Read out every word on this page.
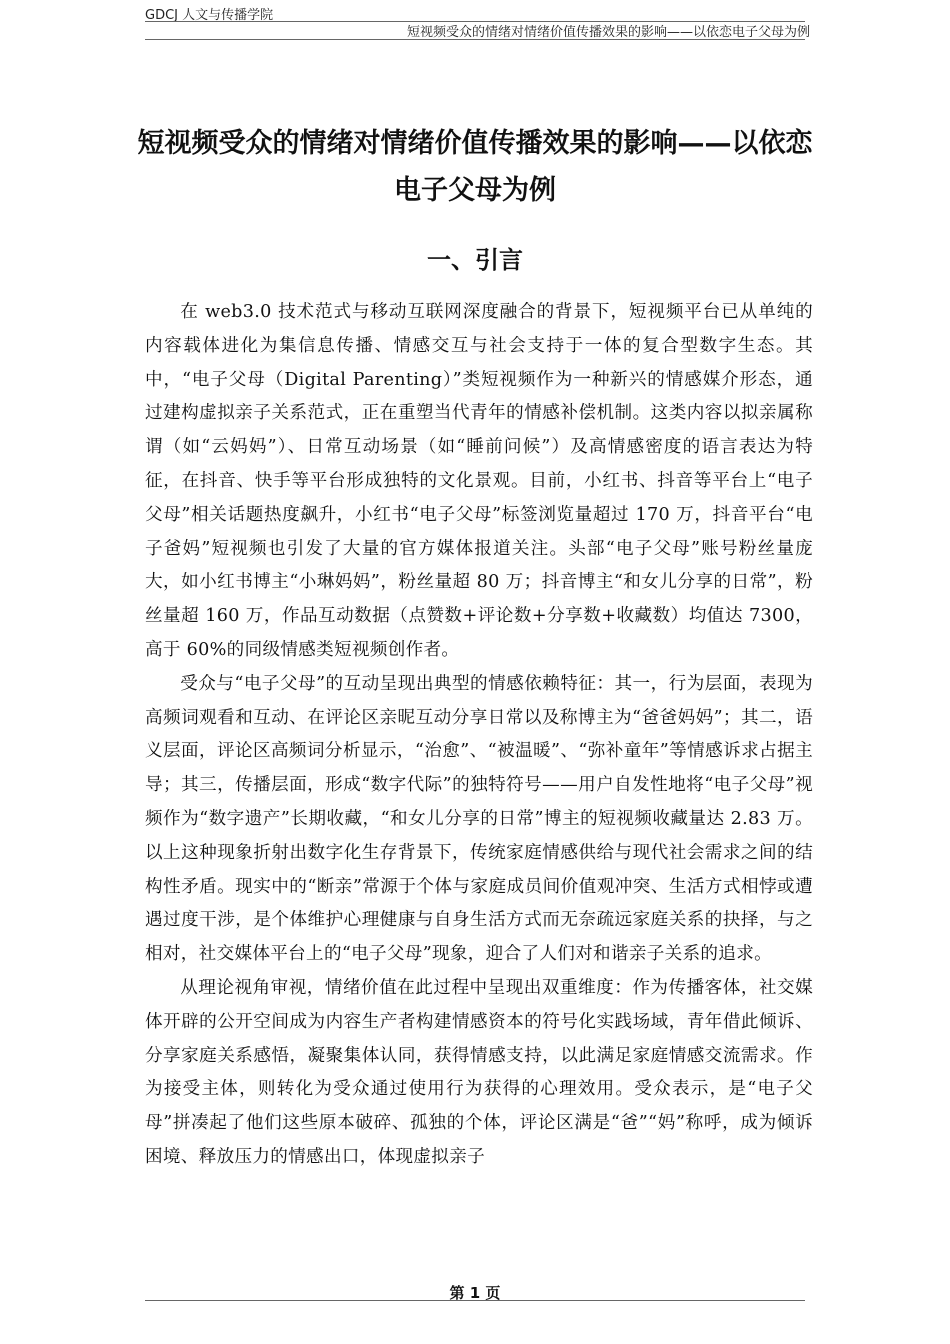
GDCJ 人文与传播学院
短视频受众的情绪对情绪价值传播效果的影响——以依恋电子父母为例
短视频受众的情绪对情绪价值传播效果的影响——以依恋电子父母为例
一、引言

在 web3.0 技术范式与移动互联网深度融合的背景下，短视频平台已从单纯的内容载体进化为集信息传播、情感交互与社会支持于一体的复合型数字生态。其中，“电子父母（Digital Parenting）”类短视频作为一种新兴的情感媒介形态，通过建构虚拟亲子关系范式，正在重塑当代青年的情感补偿机制。这类内容以拟亲属称谓（如“云妈妈”）、日常互动场景（如“睡前问候”）及高情感密度的语言表达为特征，在抖音、快手等平台形成独特的文化景观。目前，小红书、抖音等平台上“电子父母”相关话题热度飙升，小红书“电子父母”标签浏览量超过 170 万，抖音平台“电子爸妈”短视频也引发了大量的官方媒体报道关注。头部“电子父母”账号粉丝量庞大，如小红书博主“小琳妈妈”，粉丝量超 80 万；抖音博主“和女儿分享的日常”，粉丝量超 160 万，作品互动数据（点赞数+评论数+分享数+收藏数）均值达 7300，高于 60%的同级情感类短视频创作者。

受众与“电子父母”的互动呈现出典型的情感依赖特征：其一，行为层面，表现为高频词观看和互动、在评论区亲昵互动分享日常以及称博主为“爸爸妈妈”；其二，语义层面，评论区高频词分析显示，“治愈”、“被温暖”、“弥补童年”等情感诉求占据主导；其三，传播层面，形成“数字代际”的独特符号——用户自发性地将“电子父母”视频作为“数字遗产”长期收藏，“和女儿分享的日常”博主的短视频收藏量达 2.83 万。以上这种现象折射出数字化生存背景下，传统家庭情感供给与现代社会需求之间的结构性矛盾。现实中的“断亲”常源于个体与家庭成员间价值观冲突、生活方式相悖或遭遇过度干涉，是个体维护心理健康与自身生活方式而无奈疏远家庭关系的抉择，与之相对，社交媒体平台上的“电子父母”现象，迎合了人们对和谐亲子关系的追求。

从理论视角审视，情绪价值在此过程中呈现出双重维度：作为传播客体，社交媒体开辟的公开空间成为内容生产者构建情感资本的符号化实践场域，青年借此倾诉、分享家庭关系感悟，凝聚集体认同，获得情感支持，以此满足家庭情感交流需求。作为接受主体，则转化为受众通过使用行为获得的心理效用。受众表示，是“电子父母”拼凑起了他们这些原本破碎、孤独的个体，评论区满是“爸”“妈”称呼，成为倾诉困境、释放压力的情感出口，体现虚拟亲子

第 1 页
